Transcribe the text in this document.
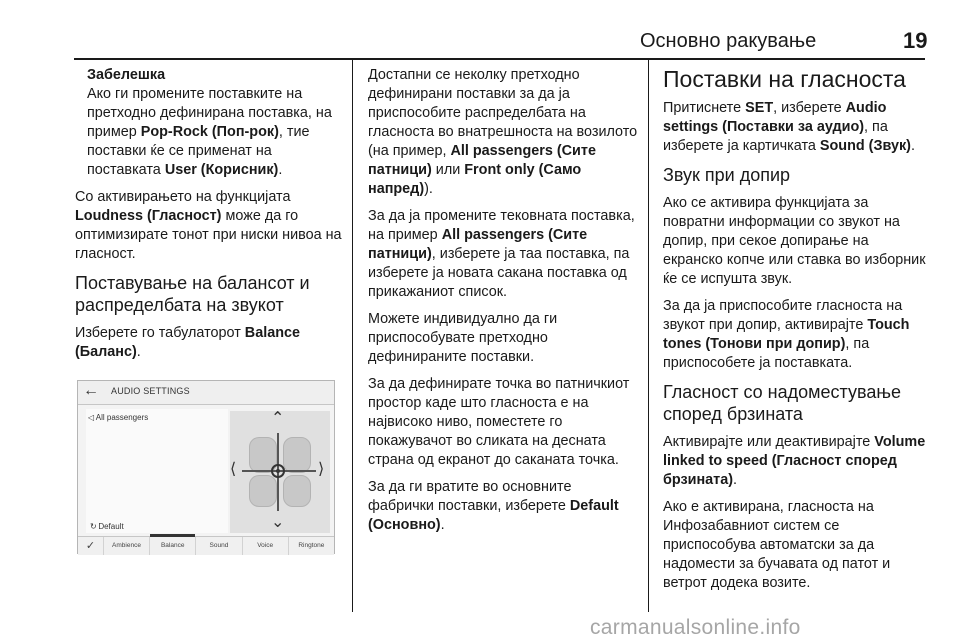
Основно ракување	19
Забелешка
Ако ги промените поставките на претходно дефинирана поставка, на пример Pop-Rock (Поп-рок), тие поставки ќе се применат на поставката User (Корисник).

Со активирањето на функцијата Loudness (Гласност) може да го оптимизирате тонот при ниски нивоа на гласност.

Поставување на балансот и распределбата на звукот

Изберете го табулаторот Balance (Баланс).

← AUDIO SETTINGS
◁ All passengers
↻ Default
⌃
⌄
⟨	⟩
✓	Ambience	Balance	Sound	Voice	Ringtone

Достапни се неколку претходно дефинирани поставки за да ја приспособите распределбата на гласноста во внатрешноста на возилото (на пример, All passengers (Сите патници) или Front only (Само напред)).

За да ја промените тековната поставка, на пример All passengers (Сите патници), изберете ја таа поставка, па изберете ја новата сакана поставка од прикажаниот список.

Можете индивидуално да ги приспособувате претходно дефинираните поставки.

За да дефинирате точка во патничкиот простор каде што гласноста е на највисоко ниво, поместете го покажувачот во сликата на десната страна од екранот до саканата точка.

За да ги вратите во основните фабрички поставки, изберете Default (Основно).

Поставки на гласноста

Притиснете SET, изберете Audio settings (Поставки за аудио), па изберете ја картичката Sound (Звук).

Звук при допир

Ако се активира функцијата за повратни информации со звукот на допир, при секое допирање на екранско копче или ставка во изборник ќе се испушта звук.

За да ја приспособите гласноста на звукот при допир, активирајте Touch tones (Тонови при допир), па приспособете ја поставката.

Гласност со надоместување според брзината

Активирајте или деактивирајте Volume linked to speed (Гласност според брзината).

Ако е активирана, гласноста на Инфозабавниот систем се приспособува автоматски за да надомести за бучавата од патот и ветрот додека возите.

carmanualsonline.info
